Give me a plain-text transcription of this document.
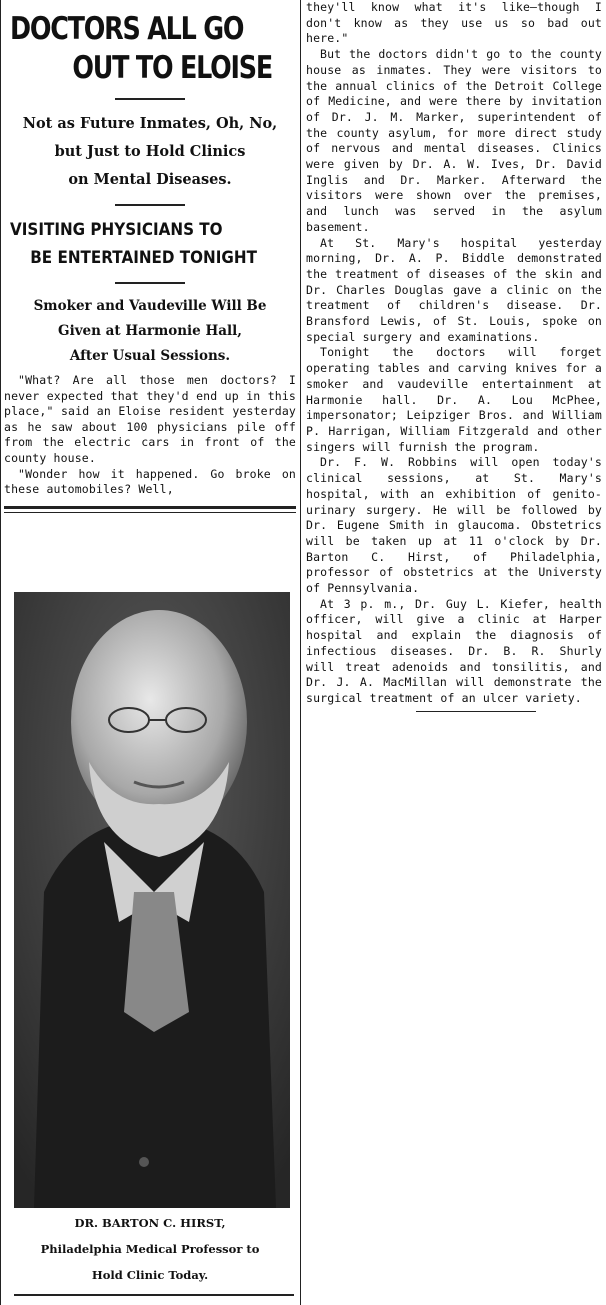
DOCTORS ALL GO
OUT TO ELOISE
Not as Future Inmates, Oh, No,
but Just to Hold Clinics
on Mental Diseases.
VISITING PHYSICIANS TO
BE ENTERTAINED TONIGHT
Smoker and Vaudeville Will Be
Given at Harmonie Hall,
After Usual Sessions.

"What? Are all those men doctors? I never expected that they'd end up in this place," said an Eloise resident yesterday as he saw about 100 physicians pile off from the electric cars in front of the county house.

"Wonder how it happened. Go broke on these automobiles? Well,

DR. BARTON C. HIRST,
Philadelphia Medical Professor to
Hold Clinic Today.

they'll know what it's like—though I don't know as they use us so bad out here."

But the doctors didn't go to the county house as inmates. They were visitors to the annual clinics of the Detroit College of Medicine, and were there by invitation of Dr. J. M. Marker, superintendent of the county asylum, for more direct study of nervous and mental diseases. Clinics were given by Dr. A. W. Ives, Dr. David Inglis and Dr. Marker. Afterward the visitors were shown over the premises, and lunch was served in the asylum basement.

At St. Mary's hospital yesterday morning, Dr. A. P. Biddle demonstrated the treatment of diseases of the skin and Dr. Charles Douglas gave a clinic on the treatment of children's disease. Dr. Bransford Lewis, of St. Louis, spoke on special surgery and examinations.

Tonight the doctors will forget operating tables and carving knives for a smoker and vaudeville entertainment at Harmonie hall. Dr. A. Lou McPhee, impersonator; Leipziger Bros. and William P. Harrigan, William Fitzgerald and other singers will furnish the program.

Dr. F. W. Robbins will open today's clinical sessions, at St. Mary's hospital, with an exhibition of genito-urinary surgery. He will be followed by Dr. Eugene Smith in glaucoma. Obstetrics will be taken up at 11 o'clock by Dr. Barton C. Hirst, of Philadelphia, professor of obstetrics at the Universty of Pennsylvania.

At 3 p. m., Dr. Guy L. Kiefer, health officer, will give a clinic at Harper hospital and explain the diagnosis of infectious diseases. Dr. B. R. Shurly will treat adenoids and tonsilitis, and Dr. J. A. MacMillan will demonstrate the surgical treatment of an ulcer variety.
